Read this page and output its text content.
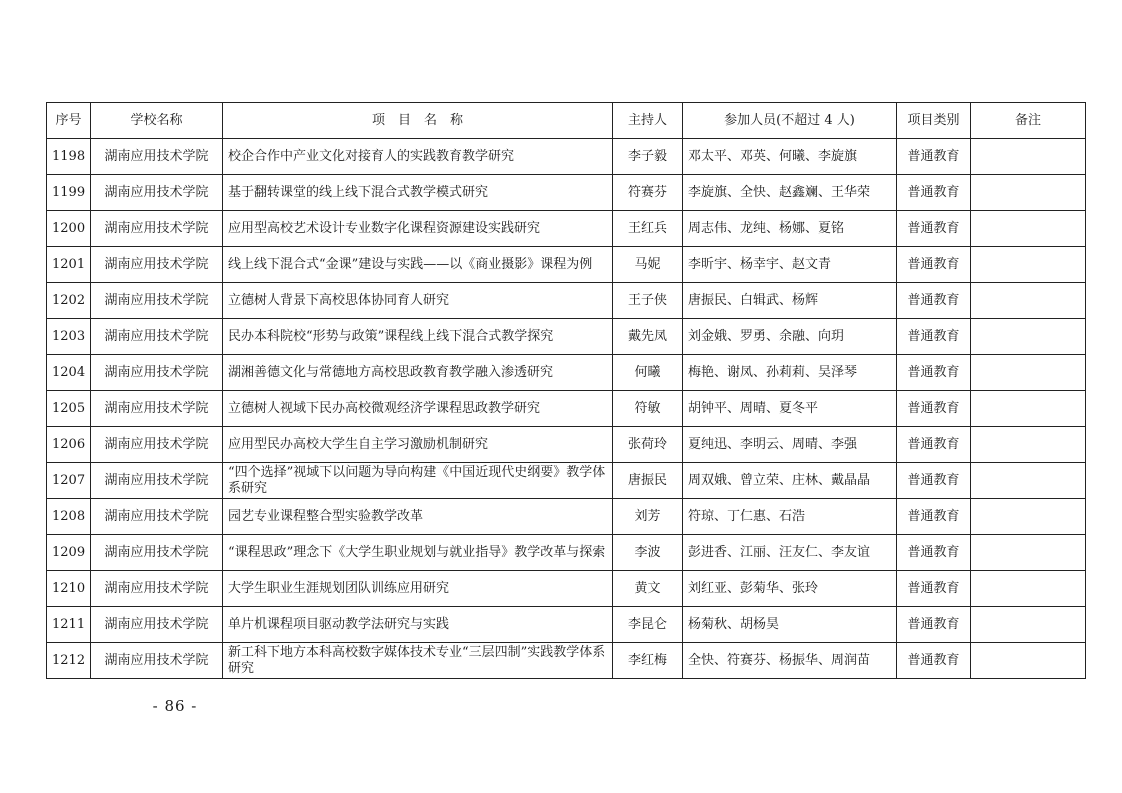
序号	学校名称	项　目　名　称	主持人	参加人员(不超过 4 人)	项目类别	备注
1198	湖南应用技术学院	校企合作中产业文化对接育人的实践教育教学研究	李子毅	邓太平、邓英、何曦、李旋旗	普通教育	
1199	湖南应用技术学院	基于翻转课堂的线上线下混合式教学模式研究	符赛芬	李旋旗、全快、赵鑫斓、王华荣	普通教育	
1200	湖南应用技术学院	应用型高校艺术设计专业数字化课程资源建设实践研究	王红兵	周志伟、龙纯、杨娜、夏铭	普通教育	
1201	湖南应用技术学院	线上线下混合式“金课”建设与实践——以《商业摄影》课程为例	马妮	李昕宇、杨幸宇、赵文青	普通教育	
1202	湖南应用技术学院	立德树人背景下高校思体协同育人研究	王子侠	唐振民、白辑武、杨辉	普通教育	
1203	湖南应用技术学院	民办本科院校“形势与政策”课程线上线下混合式教学探究	戴先凤	刘金娥、罗勇、余融、向玥	普通教育	
1204	湖南应用技术学院	湖湘善德文化与常德地方高校思政教育教学融入渗透研究	何曦	梅艳、谢凤、孙莉莉、吴泽琴	普通教育	
1205	湖南应用技术学院	立德树人视域下民办高校微观经济学课程思政教学研究	符敏	胡钟平、周晴、夏冬平	普通教育	
1206	湖南应用技术学院	应用型民办高校大学生自主学习激励机制研究	张荷玲	夏纯迅、李明云、周晴、李强	普通教育	
1207	湖南应用技术学院	“四个选择”视域下以问题为导向构建《中国近现代史纲要》教学体系研究	唐振民	周双娥、曾立荣、庄林、戴晶晶	普通教育	
1208	湖南应用技术学院	园艺专业课程整合型实验教学改革	刘芳	符琼、丁仁惠、石浩	普通教育	
1209	湖南应用技术学院	“课程思政”理念下《大学生职业规划与就业指导》教学改革与探索	李波	彭进香、江丽、汪友仁、李友谊	普通教育	
1210	湖南应用技术学院	大学生职业生涯规划团队训练应用研究	黄文	刘红亚、彭菊华、张玲	普通教育	
1211	湖南应用技术学院	单片机课程项目驱动教学法研究与实践	李昆仑	杨菊秋、胡杨昊	普通教育	
1212	湖南应用技术学院	新工科下地方本科高校数字媒体技术专业“三层四制”实践教学体系研究	李红梅	全快、符赛芬、杨振华、周润苗	普通教育	
- 86 -
